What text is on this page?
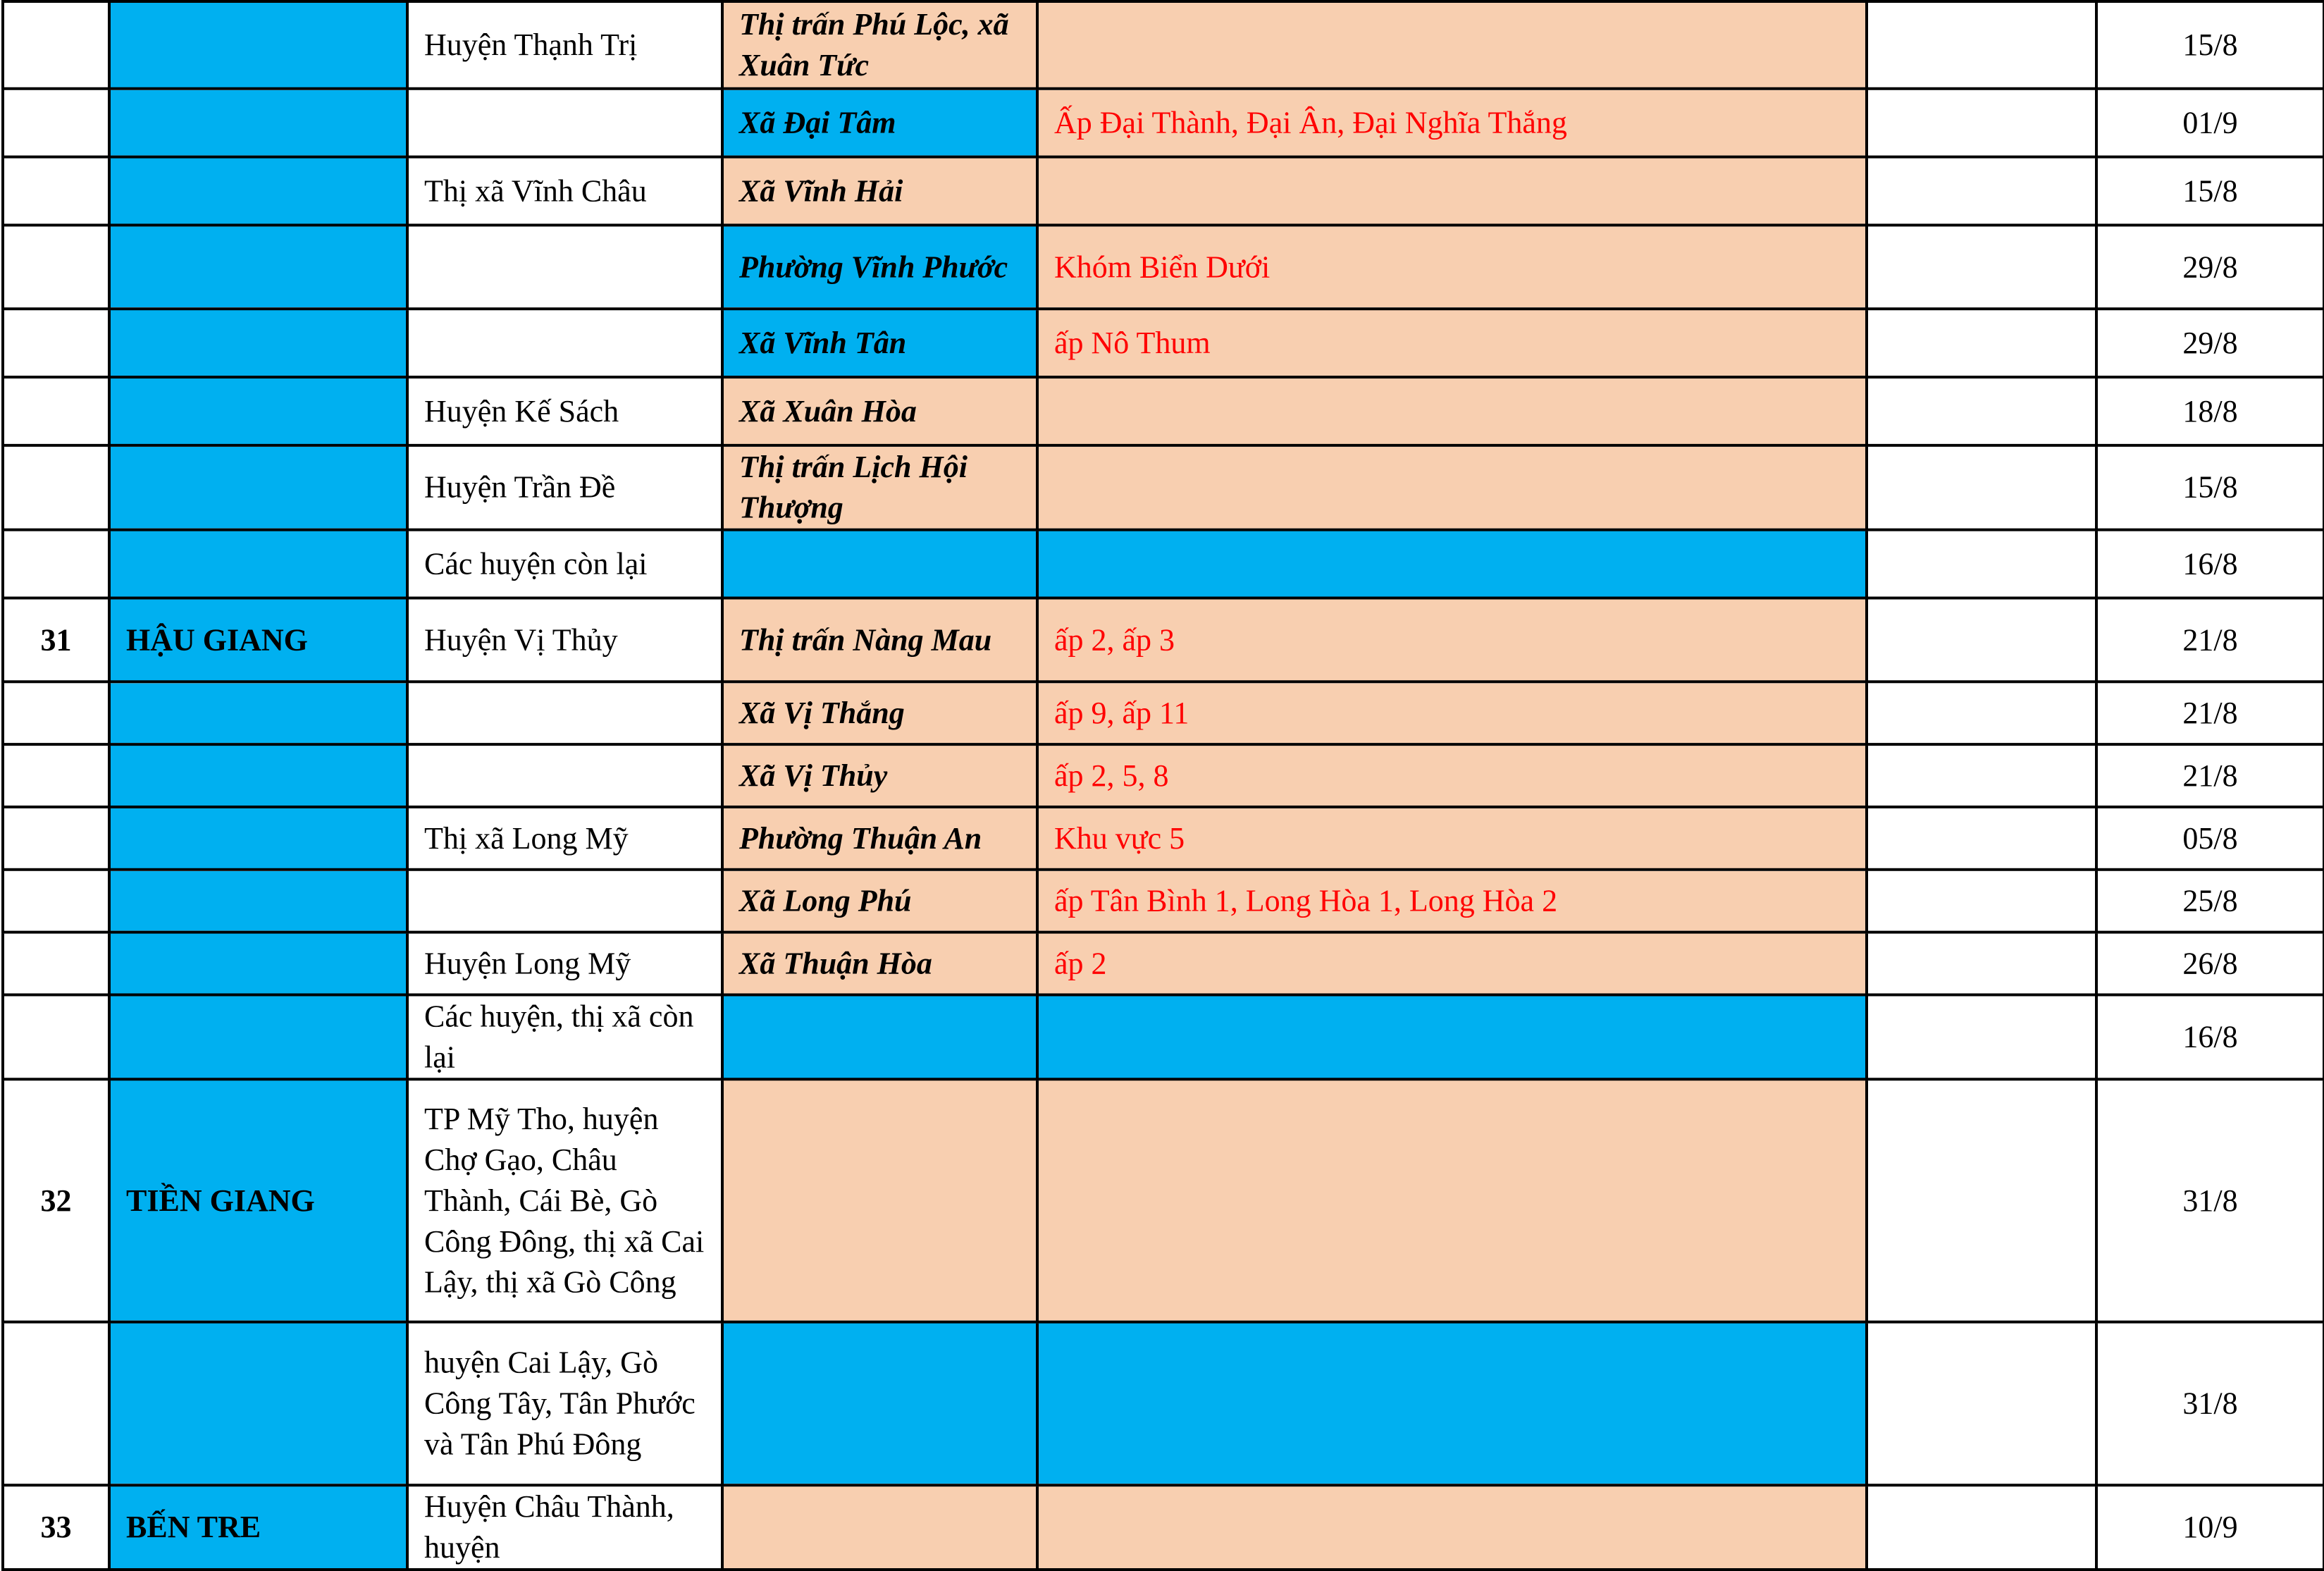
		Huyện Thạnh Trị	Thị trấn Phú Lộc, xã Xuân Tức			15/8
			Xã Đại Tâm	Ấp Đại Thành, Đại Ân, Đại Nghĩa Thắng		01/9
		Thị xã Vĩnh Châu	Xã Vĩnh Hải			15/8
			Phường Vĩnh Phước	Khóm Biển Dưới		29/8
			Xã Vĩnh Tân	ấp Nô Thum		29/8
		Huyện Kế Sách	Xã Xuân Hòa			18/8
		Huyện Trần Đề	Thị trấn Lịch Hội Thượng			15/8
		Các huyện còn lại				16/8
31	HẬU GIANG	Huyện Vị Thủy	Thị trấn Nàng Mau	ấp 2, ấp 3		21/8
			Xã Vị Thắng	ấp 9, ấp 11		21/8
			Xã Vị Thủy	ấp 2, 5, 8		21/8
		Thị xã Long Mỹ	Phường Thuận An	Khu vực 5		05/8
			Xã Long Phú	ấp Tân Bình 1, Long Hòa 1, Long Hòa 2		25/8
		Huyện Long Mỹ	Xã Thuận Hòa	ấp 2		26/8
		Các huyện, thị xã còn lại				16/8
32	TIỀN GIANG	TP Mỹ Tho, huyện Chợ Gạo, Châu Thành, Cái Bè, Gò Công Đông, thị xã Cai Lậy, thị xã Gò Công				31/8
		huyện Cai Lậy, Gò Công Tây, Tân Phước và Tân Phú Đông				31/8
33	BẾN TRE	Huyện Châu Thành, huyện				10/9
